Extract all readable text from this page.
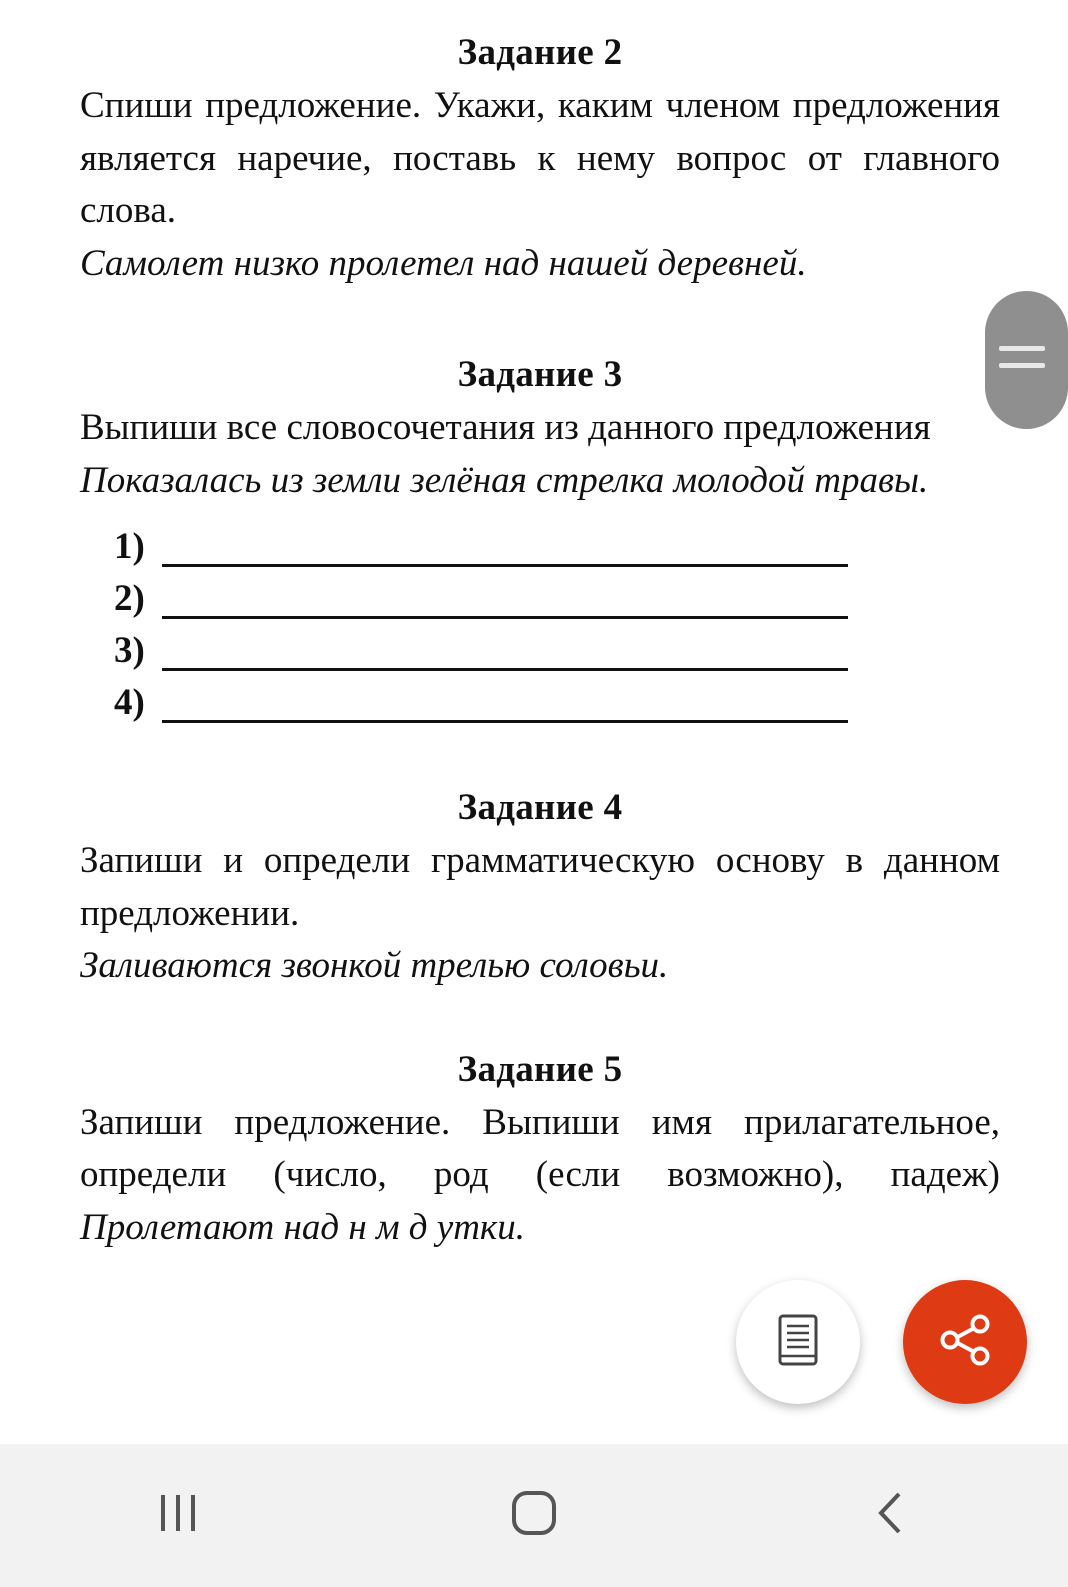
Задание 2

Спиши предложение. Укажи, каким членом предложения является наречие, поставь к нему вопрос от главного слова.

Самолет низко пролетел над нашей деревней.

Задание 3

Выпиши все словосочетания из данного предложения

Показалась из земли зелёная стрелка молодой травы.

1)
2)
3)
4)

Задание 4

Запиши и определи грамматическую основу в данном предложении.

Заливаются звонкой трелью соловьи.

Задание 5

Запиши предложение. Выпиши имя прилагательное, определи (число, род (если возможно), падеж) Пролетают над н м д утки.
